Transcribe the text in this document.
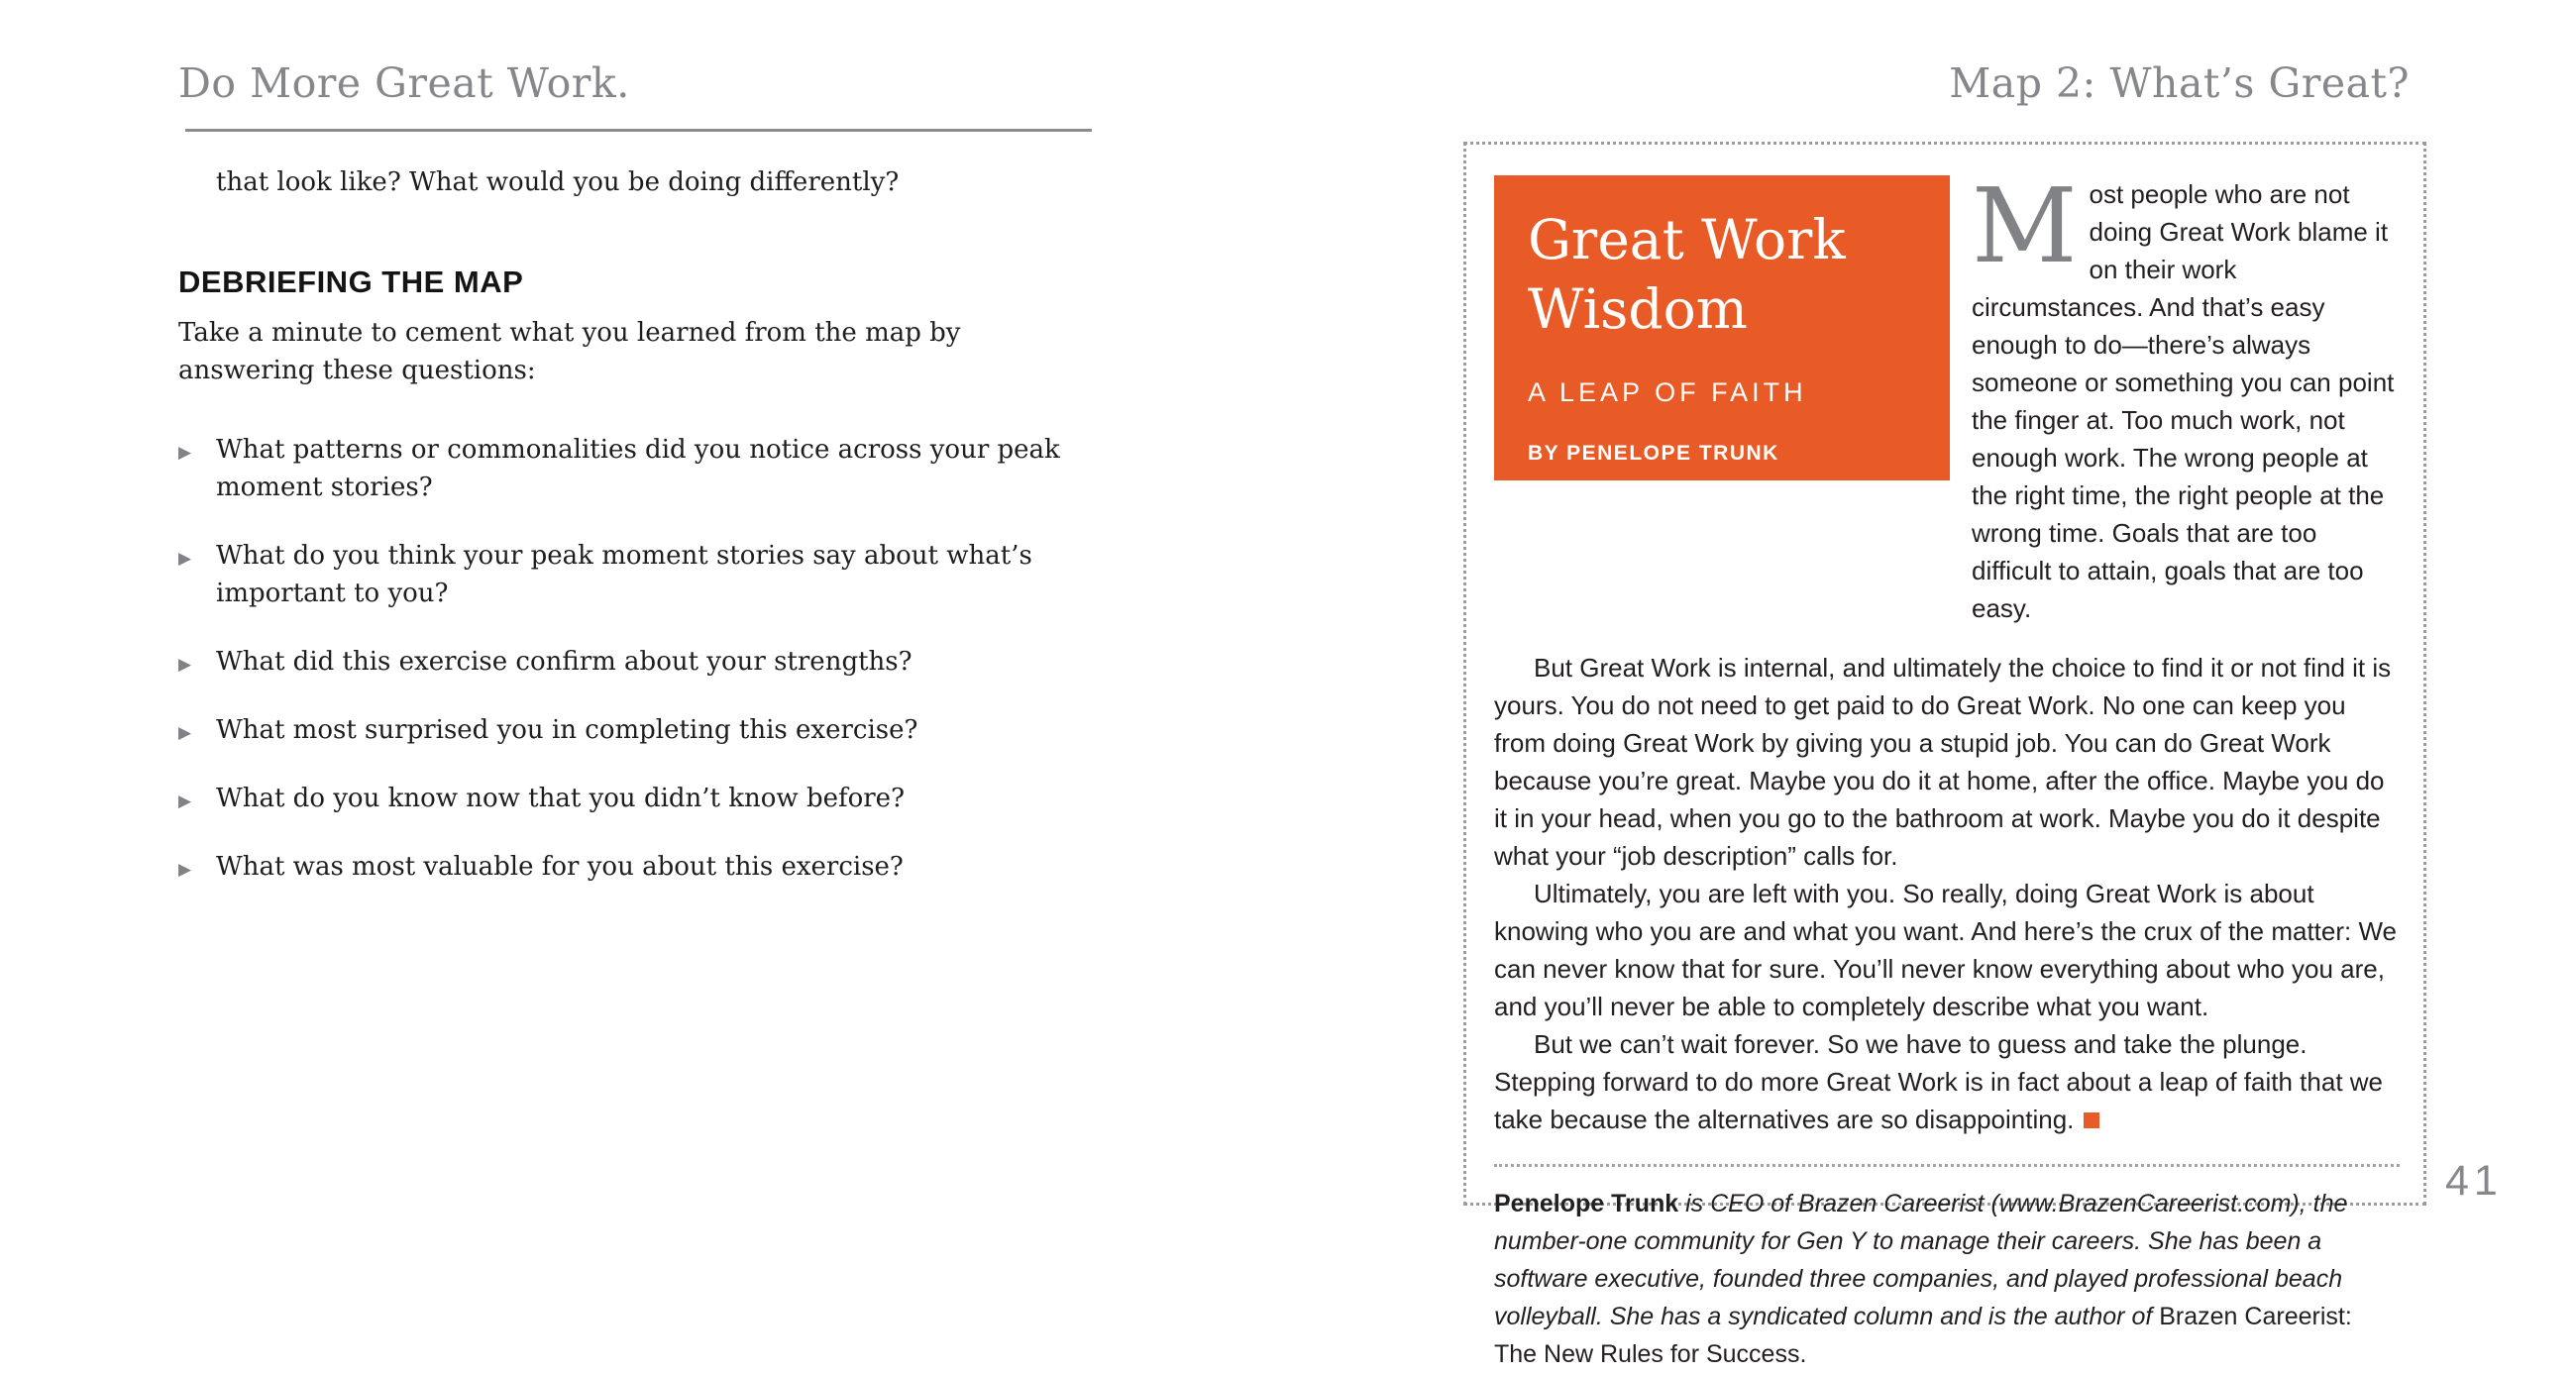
Do More Great Work.
that look like? What would you be doing differently?
DEBRIEFING THE MAP
Take a minute to cement what you learned from the map by answering these questions:
▶ What patterns or commonalities did you notice across your peak moment stories?
▶ What do you think your peak moment stories say about what’s important to you?
▶ What did this exercise confirm about your strengths?
▶ What most surprised you in completing this exercise?
▶ What do you know now that you didn’t know before?
▶ What was most valuable for you about this exercise?
Map 2: What’s Great?
Great Work
Wisdom
A LEAP OF FAITH
BY PENELOPE TRUNK
Most people who are not doing Great Work blame it on their work circumstances. And that’s easy enough to do—there’s always someone or something you can point the finger at. Too much work, not enough work. The wrong people at the right time, the right people at the wrong time. Goals that are too difficult to attain, goals that are too easy.

But Great Work is internal, and ultimately the choice to find it or not find it is yours. You do not need to get paid to do Great Work. No one can keep you from doing Great Work by giving you a stupid job. You can do Great Work because you’re great. Maybe you do it at home, after the office. Maybe you do it in your head, when you go to the bathroom at work. Maybe you do it despite what your “job description” calls for.

Ultimately, you are left with you. So really, doing Great Work is about knowing who you are and what you want. And here’s the crux of the matter: We can never know that for sure. You’ll never know everything about who you are, and you’ll never be able to completely describe what you want.

But we can’t wait forever. So we have to guess and take the plunge. Stepping forward to do more Great Work is in fact about a leap of faith that we take because the alternatives are so disappointing.

Penelope Trunk is CEO of Brazen Careerist (www.BrazenCareerist.com), the number-one community for Gen Y to manage their careers. She has been a software executive, founded three companies, and played professional beach volleyball. She has a syndicated column and is the author of Brazen Careerist: The New Rules for Success.
41
